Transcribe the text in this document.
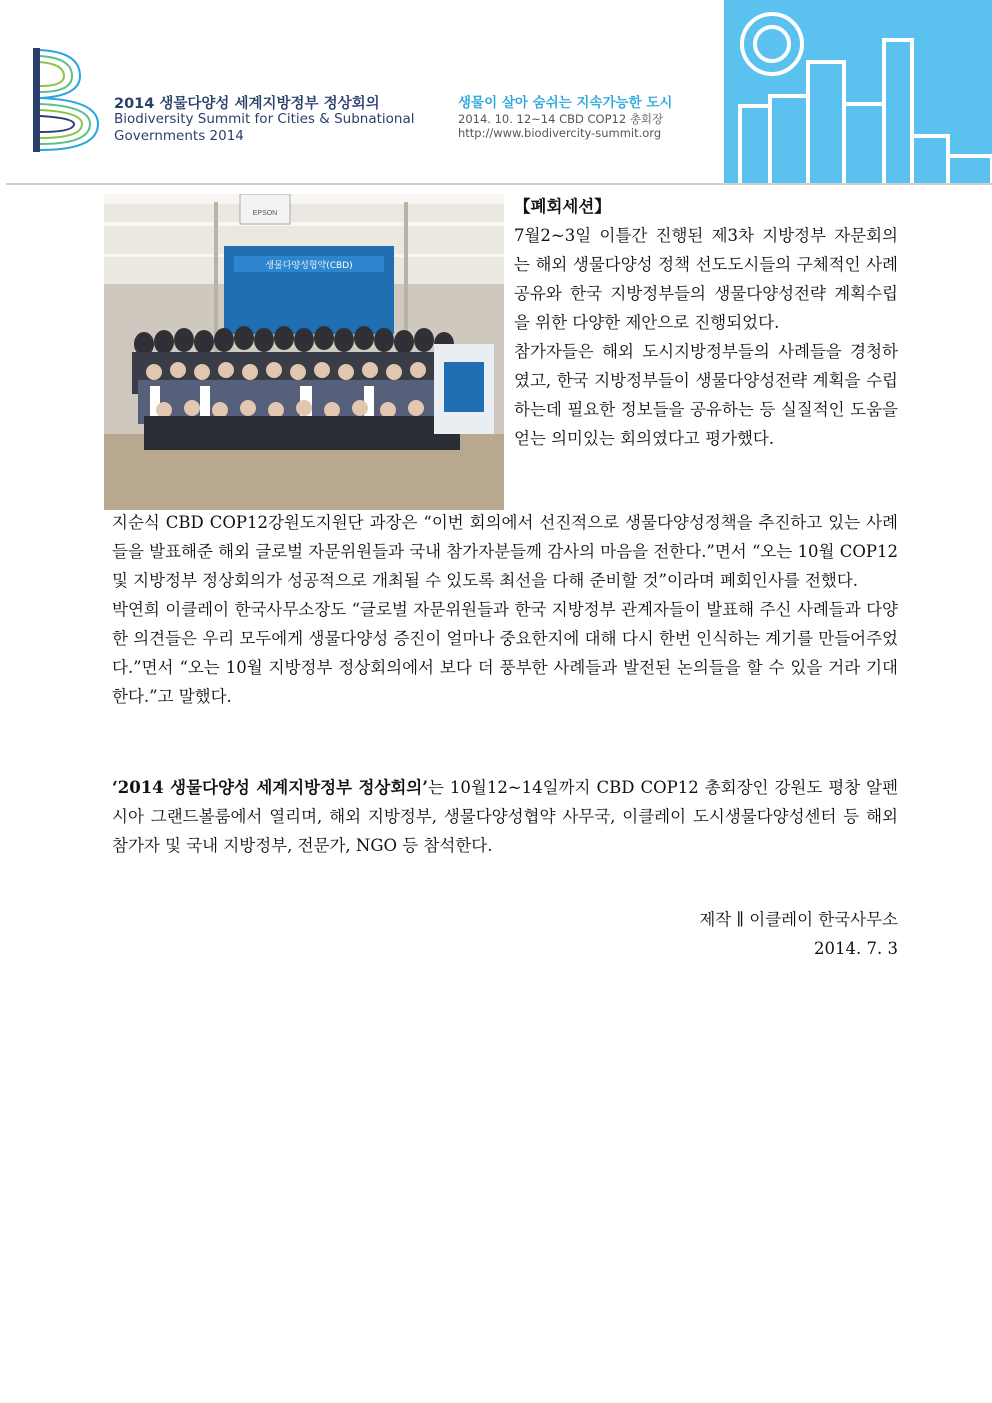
2014 생물다양성 세계지방정부 정상회의
Biodiversity Summit for Cities & Subnational
Governments 2014
생물이 살아 숨쉬는 지속가능한 도시
2014. 10. 12~14 CBD COP12 총회장
http://www.biodivercity-summit.org
EPSON
생물다양성협약(CBD)

【폐회세션】

7월2~3일 이틀간 진행된 제3차 지방정부 자문회의는 해외 생물다양성 정책 선도도시들의 구체적인 사례 공유와 한국 지방정부들의 생물다양성전략 계획수립을 위한 다양한 제안으로 진행되었다.

참가자들은 해외 도시지방정부들의 사례들을 경청하였고, 한국 지방정부들이 생물다양성전략 계획을 수립하는데 필요한 정보들을 공유하는 등 실질적인 도움을 얻는 의미있는 회의였다고 평가했다.

지순식 CBD COP12강원도지원단 과장은 “이번 회의에서 선진적으로 생물다양성정책을 추진하고 있는 사례들을 발표해준 해외 글로벌 자문위원들과 국내 참가자분들께 감사의 마음을 전한다.”면서 “오는 10월 COP12 및 지방정부 정상회의가 성공적으로 개최될 수 있도록 최선을 다해 준비할 것”이라며 폐회인사를 전했다.

박연희 이클레이 한국사무소장도 “글로벌 자문위원들과 한국 지방정부 관계자들이 발표해 주신 사례들과 다양한 의견들은 우리 모두에게 생물다양성 증진이 얼마나 중요한지에 대해 다시 한번 인식하는 계기를 만들어주었다.”면서 “오는 10월 지방정부 정상회의에서 보다 더 풍부한 사례들과 발전된 논의들을 할 수 있을 거라 기대한다.”고 말했다.

‘2014 생물다양성 세계지방정부 정상회의’는 10월12~14일까지 CBD COP12 총회장인 강원도 평창 알펜시아 그랜드볼룸에서 열리며, 해외 지방정부, 생물다양성협약 사무국, 이클레이 도시생물다양성센터 등 해외 참가자 및 국내 지방정부, 전문가, NGO 등 참석한다.

제작 ∥ 이클레이 한국사무소
2014. 7. 3
